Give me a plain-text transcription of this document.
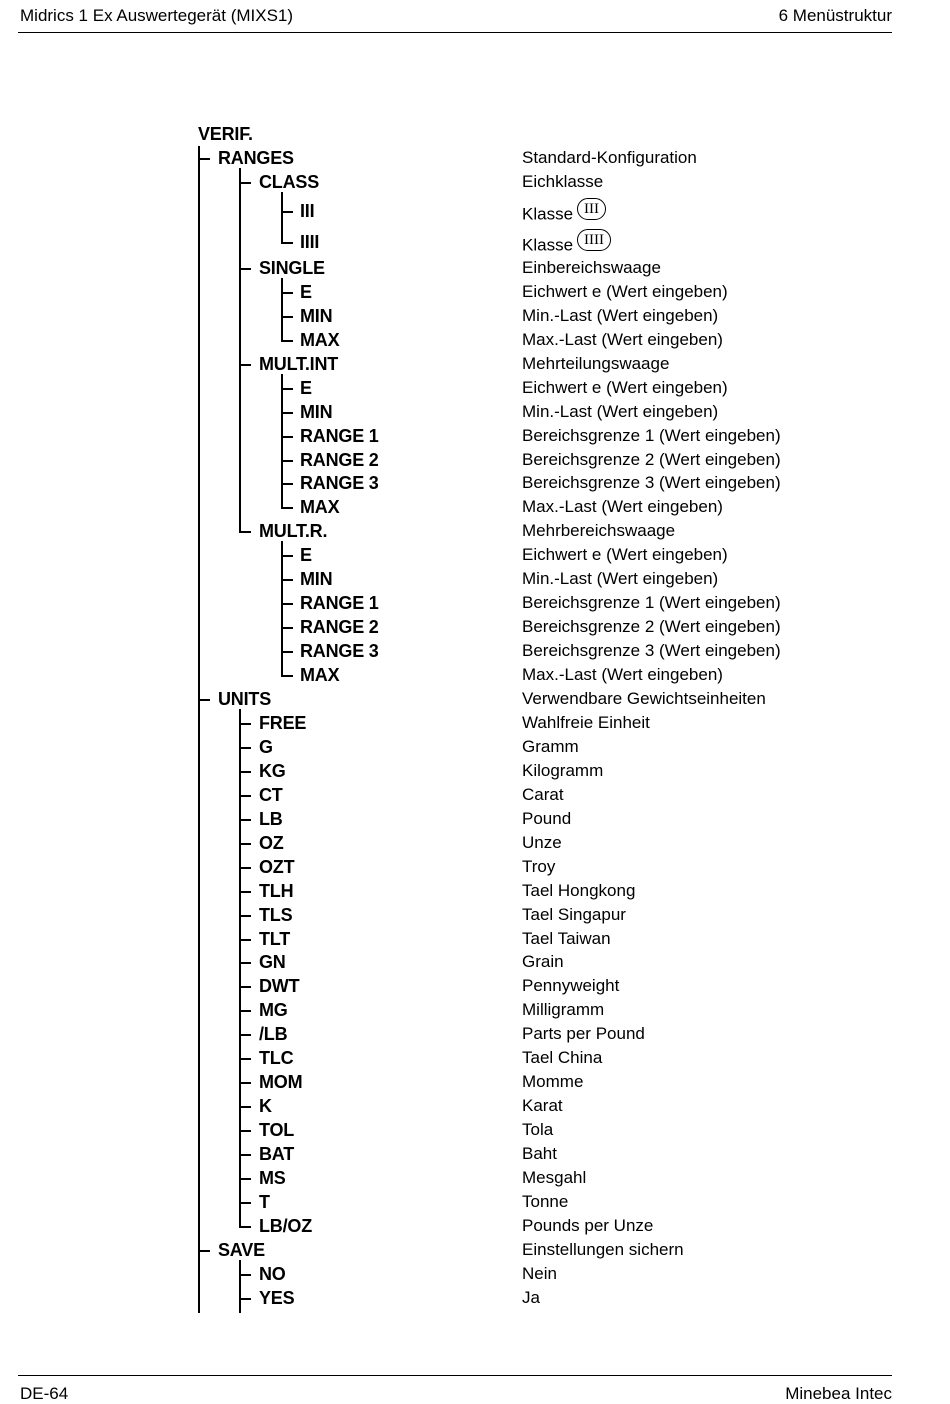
Midrics 1 Ex Auswertegerät (MIXS1)	6 Menüstruktur
VERIF.
RANGES	Standard-Konfiguration
CLASS	Eichklasse
III	Klasse III
IIII	Klasse IIII
SINGLE	Einbereichswaage
E	Eichwert e (Wert eingeben)
MIN	Min.-Last (Wert eingeben)
MAX	Max.-Last (Wert eingeben)
MULT.INT	Mehrteilungswaage
E	Eichwert e (Wert eingeben)
MIN	Min.-Last (Wert eingeben)
RANGE 1	Bereichsgrenze 1 (Wert eingeben)
RANGE 2	Bereichsgrenze 2 (Wert eingeben)
RANGE 3	Bereichsgrenze 3 (Wert eingeben)
MAX	Max.-Last (Wert eingeben)
MULT.R.	Mehrbereichswaage
E	Eichwert e (Wert eingeben)
MIN	Min.-Last (Wert eingeben)
RANGE 1	Bereichsgrenze 1 (Wert eingeben)
RANGE 2	Bereichsgrenze 2 (Wert eingeben)
RANGE 3	Bereichsgrenze 3 (Wert eingeben)
MAX	Max.-Last (Wert eingeben)
UNITS	Verwendbare Gewichtseinheiten
FREE	Wahlfreie Einheit
G	Gramm
KG	Kilogramm
CT	Carat
LB	Pound
OZ	Unze
OZT	Troy
TLH	Tael Hongkong
TLS	Tael Singapur
TLT	Tael Taiwan
GN	Grain
DWT	Pennyweight
MG	Milligramm
/LB	Parts per Pound
TLC	Tael China
MOM	Momme
K	Karat
TOL	Tola
BAT	Baht
MS	Mesgahl
T	Tonne
LB/OZ	Pounds per Unze
SAVE	Einstellungen sichern
NO	Nein
YES	Ja
DE-64	Minebea Intec
